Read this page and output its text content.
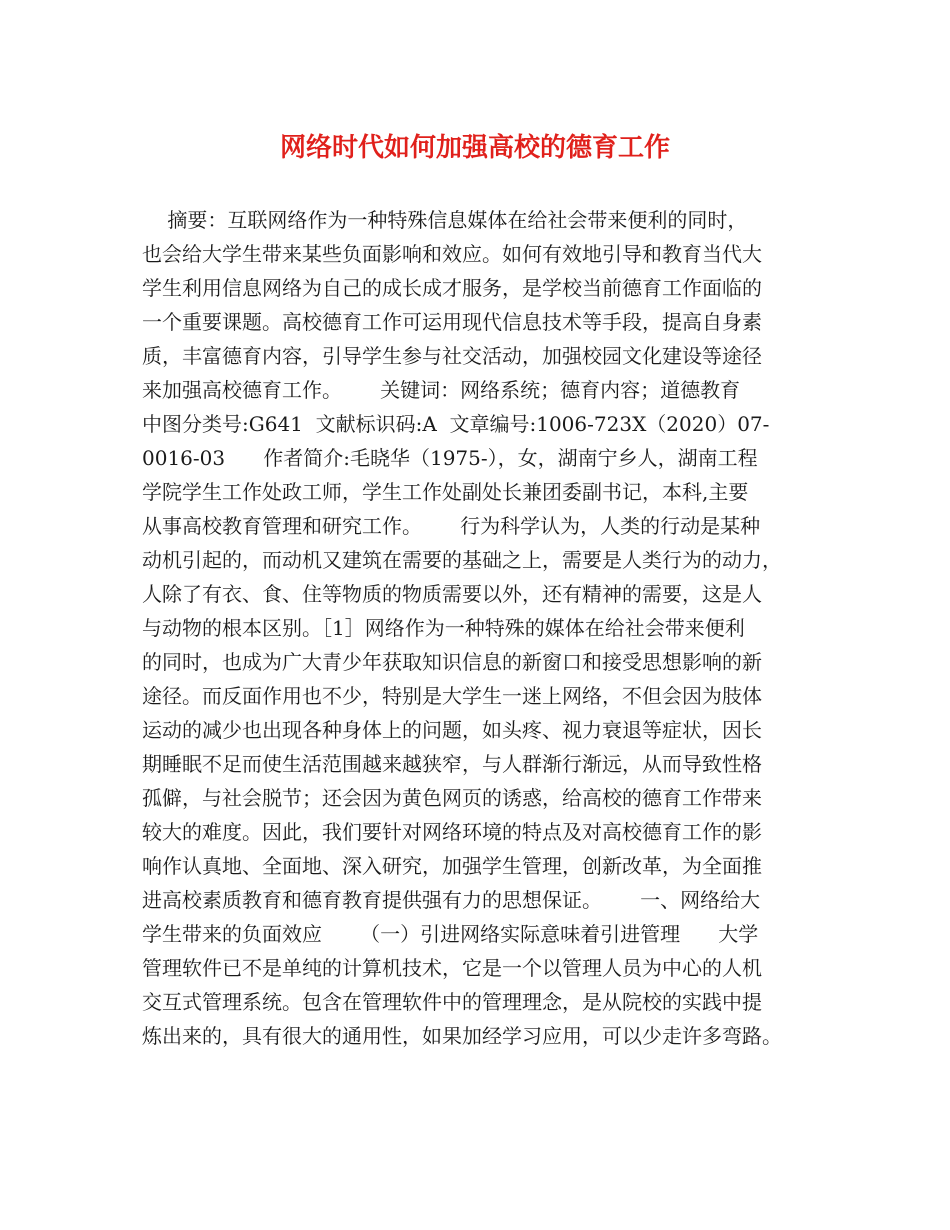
网络时代如何加强高校的德育工作
摘要：互联网络作为一种特殊信息媒体在给社会带来便利的同时，
也会给大学生带来某些负面影响和效应。如何有效地引导和教育当代大
学生利用信息网络为自己的成长成才服务，是学校当前德育工作面临的
一个重要课题。高校德育工作可运用现代信息技术等手段，提高自身素
质，丰富德育内容，引导学生参与社交活动，加强校园文化建设等途径
来加强高校德育工作。      关键词：网络系统；德育内容；道德教育
中图分类号:G641  文献标识码:A  文章编号:1006-723X（2020）07-
0016-03      作者简介:毛晓华（1975-），女，湖南宁乡人，湖南工程
学院学生工作处政工师，学生工作处副处长兼团委副书记，本科,主要
从事高校教育管理和研究工作。      行为科学认为，人类的行动是某种
动机引起的，而动机又建筑在需要的基础之上，需要是人类行为的动力，
人除了有衣、食、住等物质的物质需要以外，还有精神的需要，这是人
与动物的根本区别。［1］网络作为一种特殊的媒体在给社会带来便利
的同时，也成为广大青少年获取知识信息的新窗口和接受思想影响的新
途径。而反面作用也不少，特别是大学生一迷上网络，不但会因为肢体
运动的减少也出现各种身体上的问题，如头疼、视力衰退等症状，因长
期睡眠不足而使生活范围越来越狭窄，与人群渐行渐远，从而导致性格
孤僻，与社会脱节；还会因为黄色网页的诱惑，给高校的德育工作带来
较大的难度。因此，我们要针对网络环境的特点及对高校德育工作的影
响作认真地、全面地、深入研究，加强学生管理，创新改革，为全面推
进高校素质教育和德育教育提供强有力的思想保证。      一、网络给大
学生带来的负面效应      （一）引进网络实际意味着引进管理      大学
管理软件已不是单纯的计算机技术，它是一个以管理人员为中心的人机
交互式管理系统。包含在管理软件中的管理理念，是从院校的实践中提
炼出来的，具有很大的通用性，如果加经学习应用，可以少走许多弯路。
